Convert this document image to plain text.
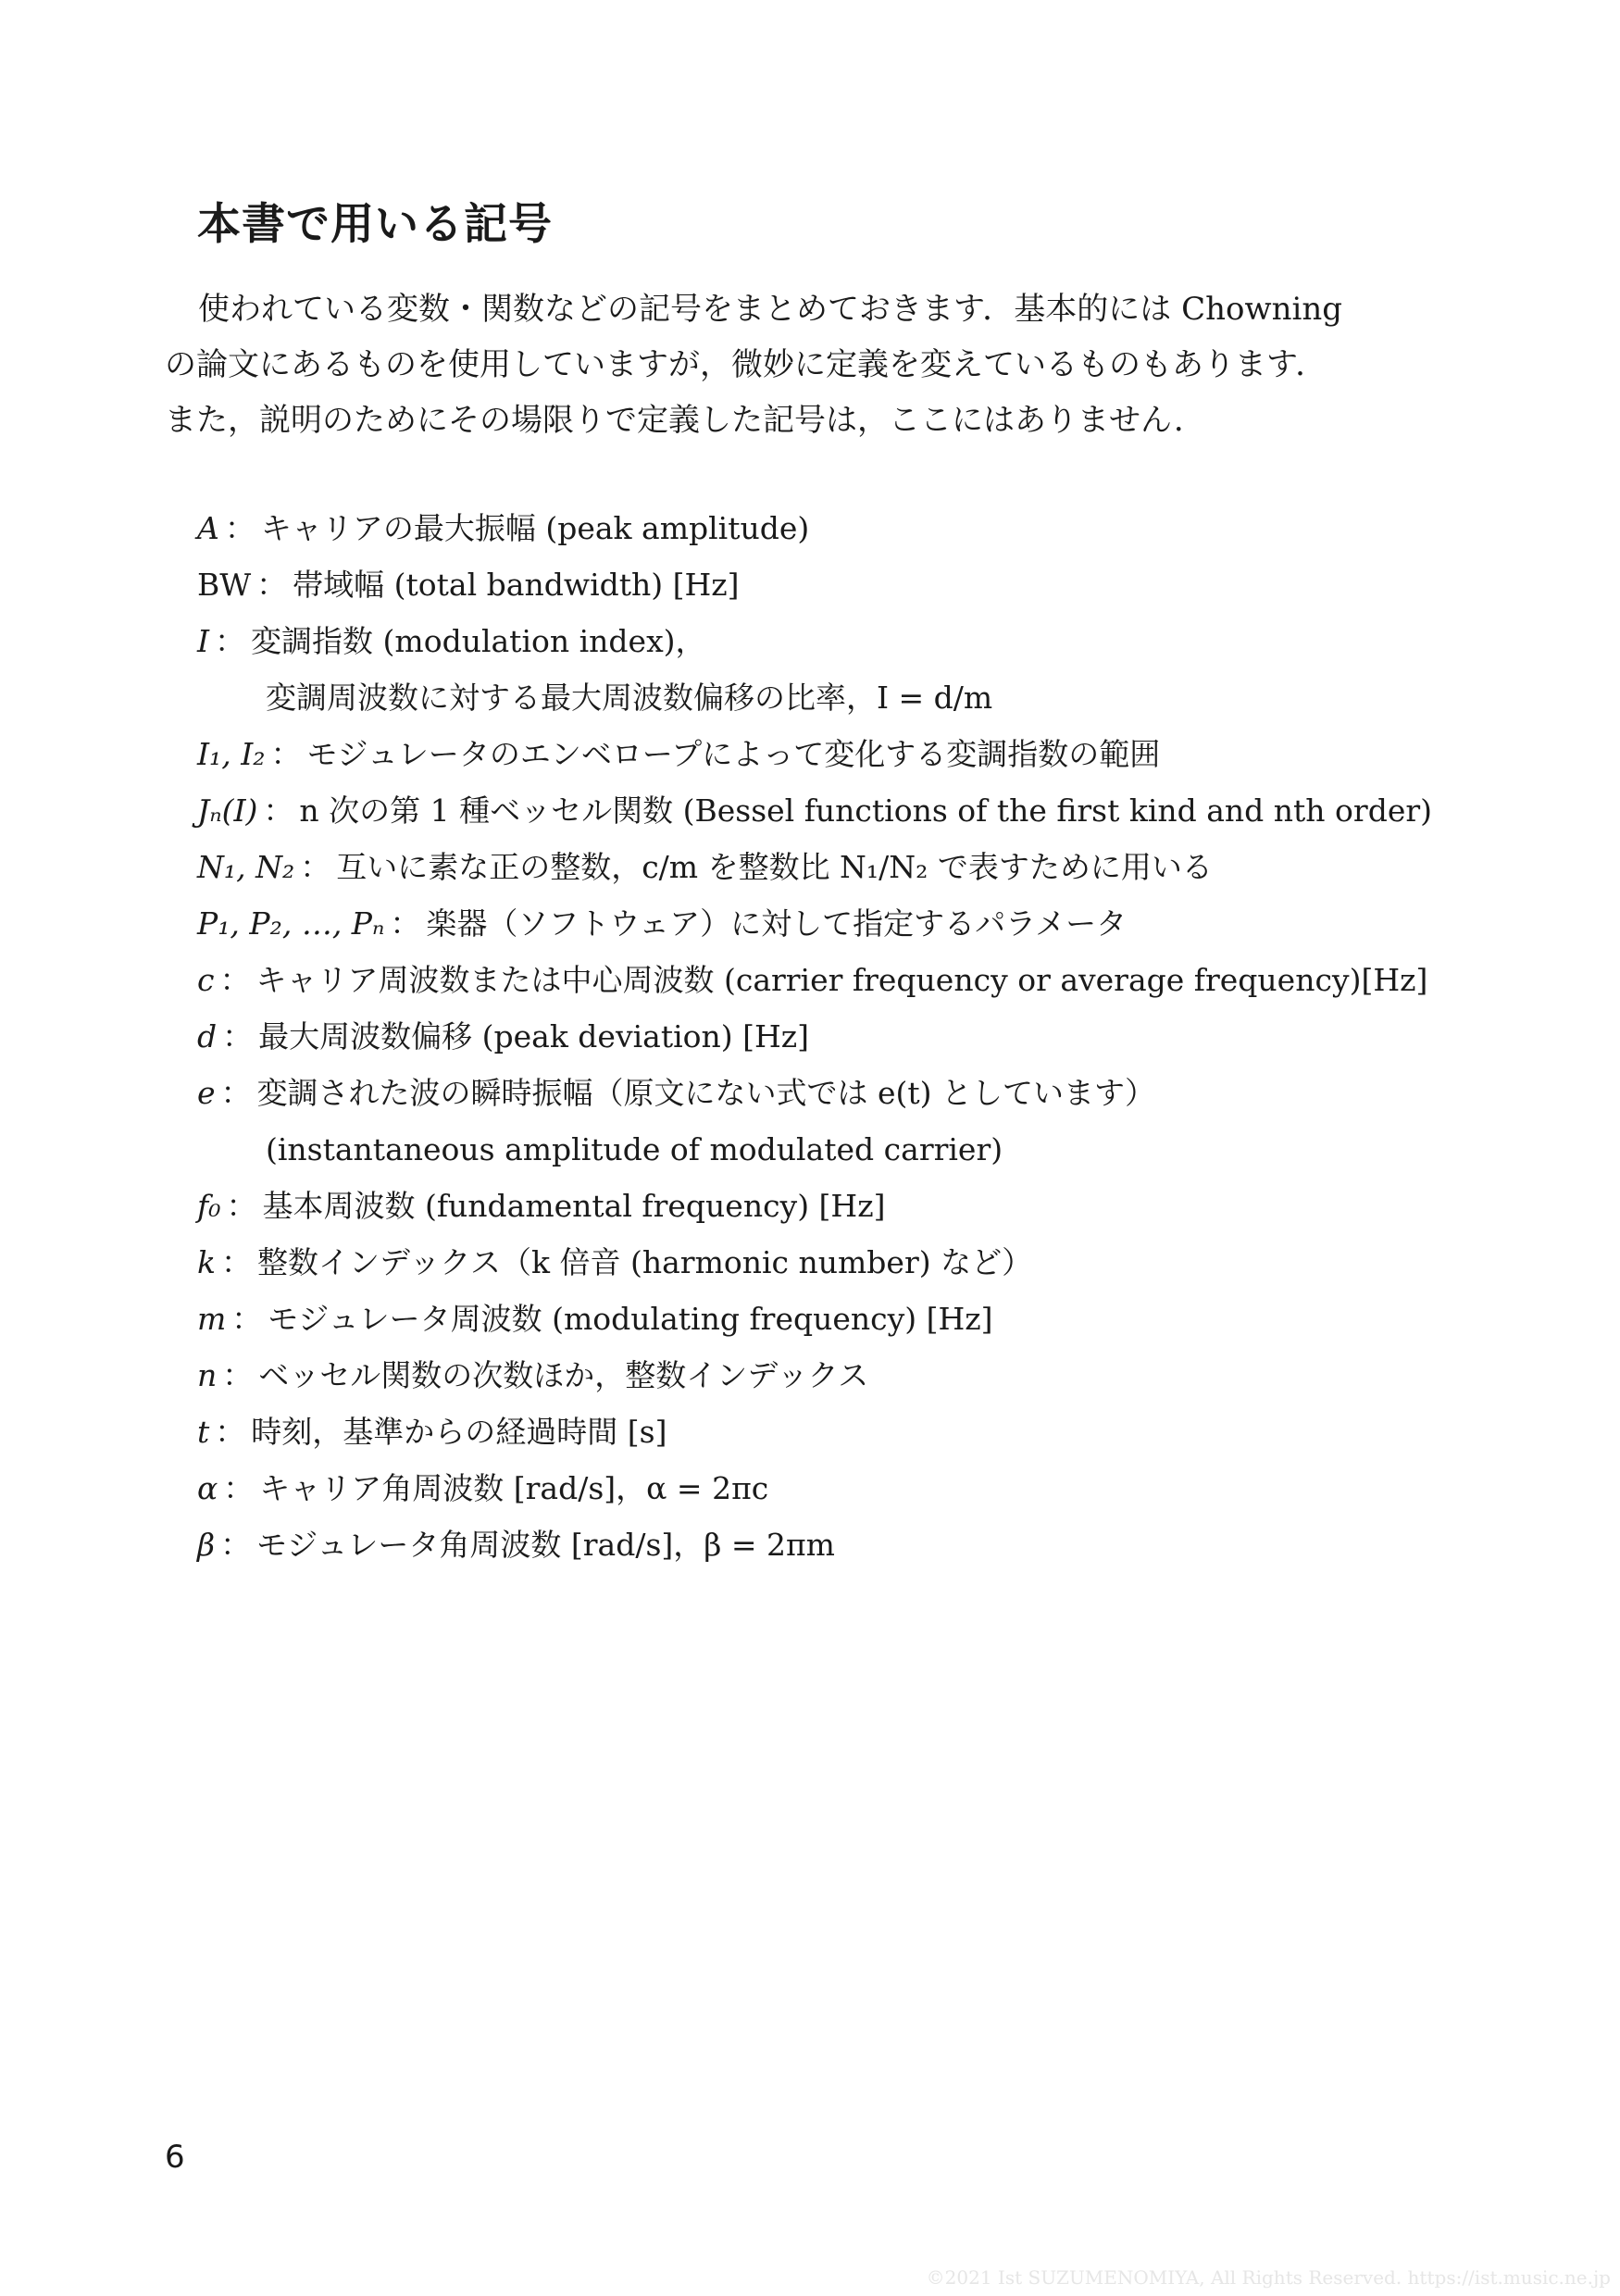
本書で用いる記号

使われている変数・関数などの記号をまとめておきます．基本的には Chowning

の論文にあるものを使用していますが，微妙に定義を変えているものもあります．

また，説明のためにその場限りで定義した記号は，ここにはありません．

A ： キャリアの最大振幅 (peak amplitude)
BW ： 帯域幅 (total bandwidth) [Hz]
I ： 変調指数 (modulation index)，
変調周波数に対する最大周波数偏移の比率，I = d/m
I₁, I₂ ： モジュレータのエンベロープによって変化する変調指数の範囲
Jₙ(I) ： n 次の第 1 種ベッセル関数 (Bessel functions of the first kind and nth order)
N₁, N₂ ： 互いに素な正の整数，c/m を整数比 N₁/N₂ で表すために用いる
P₁, P₂, …, Pₙ ： 楽器（ソフトウェア）に対して指定するパラメータ
c ： キャリア周波数または中心周波数 (carrier frequency or average frequency)[Hz]
d ： 最大周波数偏移 (peak deviation) [Hz]
e ： 変調された波の瞬時振幅（原文にない式では e(t) としています）
(instantaneous amplitude of modulated carrier)
f₀ ： 基本周波数 (fundamental frequency) [Hz]
k ： 整数インデックス（k 倍音 (harmonic number) など）
m ： モジュレータ周波数 (modulating frequency) [Hz]
n ： ベッセル関数の次数ほか，整数インデックス
t ： 時刻，基準からの経過時間 [s]
α ： キャリア角周波数 [rad/s]，α = 2πc
β ： モジュレータ角周波数 [rad/s]，β = 2πm
6
©2021 Ist SUZUMENOMIYA, All Rights Reserved. https://ist.music.ne.jp
